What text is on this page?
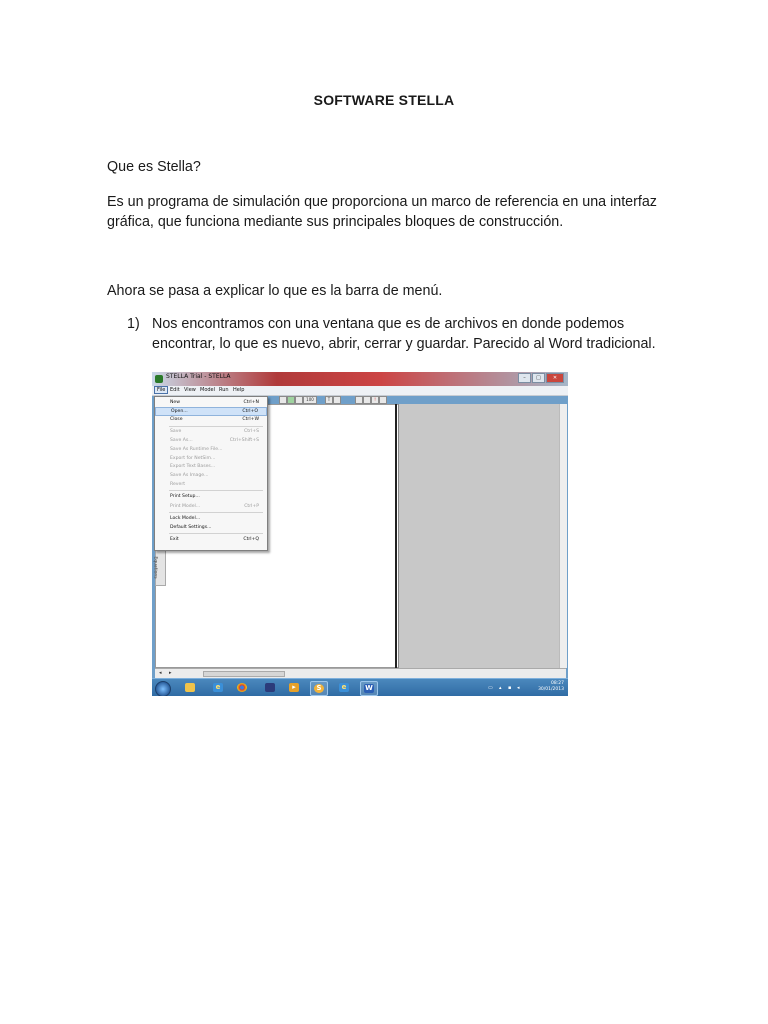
SOFTWARE STELLA
Que es Stella?
Es un programa de simulación que proporciona un marco de referencia en una interfaz gráfica, que funciona mediante sus principales bloques de construcción.
Ahora se pasa a explicar lo que es la barra de menú.
1) Nos encontramos con una ventana que es de archivos en donde podemos encontrar, lo que es nuevo, abrir, cerrar y guardar. Parecido al Word tradicional.
STELLA Trial - STELLA	–	□	✕
File Edit View Model Run Help
100	T	!
Equations
◂ ▸
New	Ctrl+N
Open...	Ctrl+O
Close	Ctrl+W
Save	Ctrl+S
Save As...	Ctrl+Shift+S
Save As Runtime File...
Export for NetSim...
Export Text Bases...
Save As Image...
Revert
Print Setup...
Print Model...	Ctrl+P
Lock Model...
Default Settings...
Exit	Ctrl+Q
e	▸	S	e	W	▭ ▴ ▪ ◂
08:27
30/01/2013
